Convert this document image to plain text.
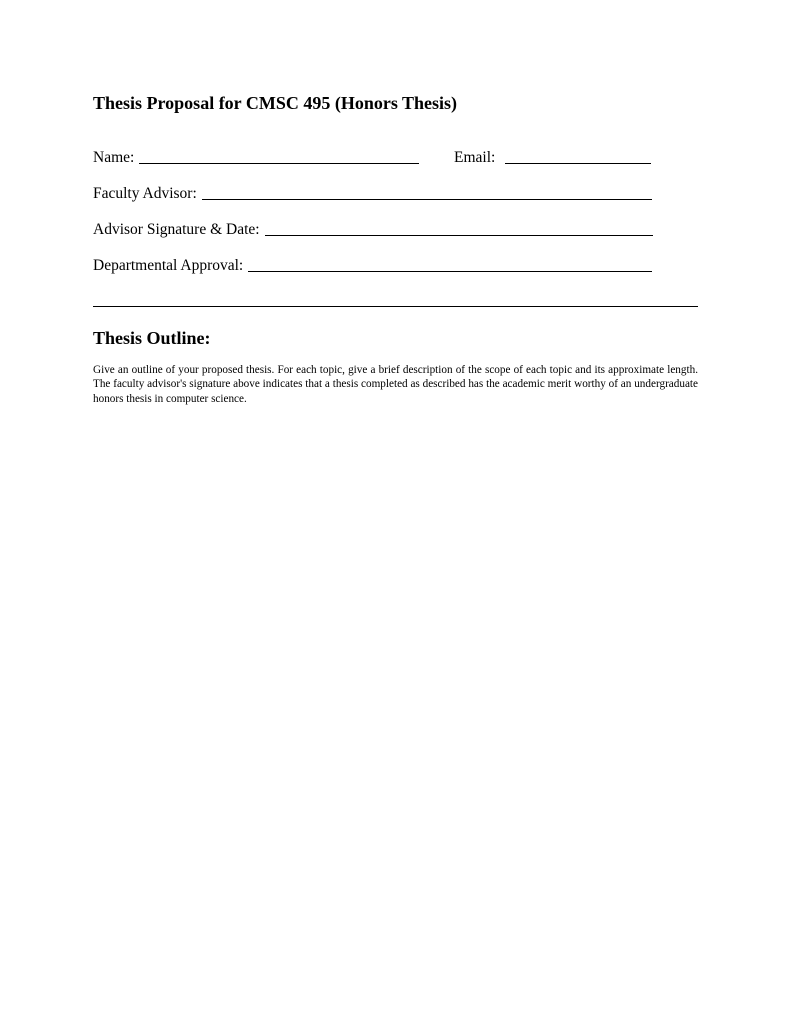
Thesis Proposal for CMSC 495 (Honors Thesis)
Name:	Email:
Faculty Advisor:
Advisor Signature & Date:
Departmental Approval:
Thesis Outline:

Give an outline of your proposed thesis. For each topic, give a brief description of the scope of each topic and its approximate length. The faculty advisor's signature above indicates that a thesis completed as described has the academic merit worthy of an undergraduate honors thesis in computer science.
